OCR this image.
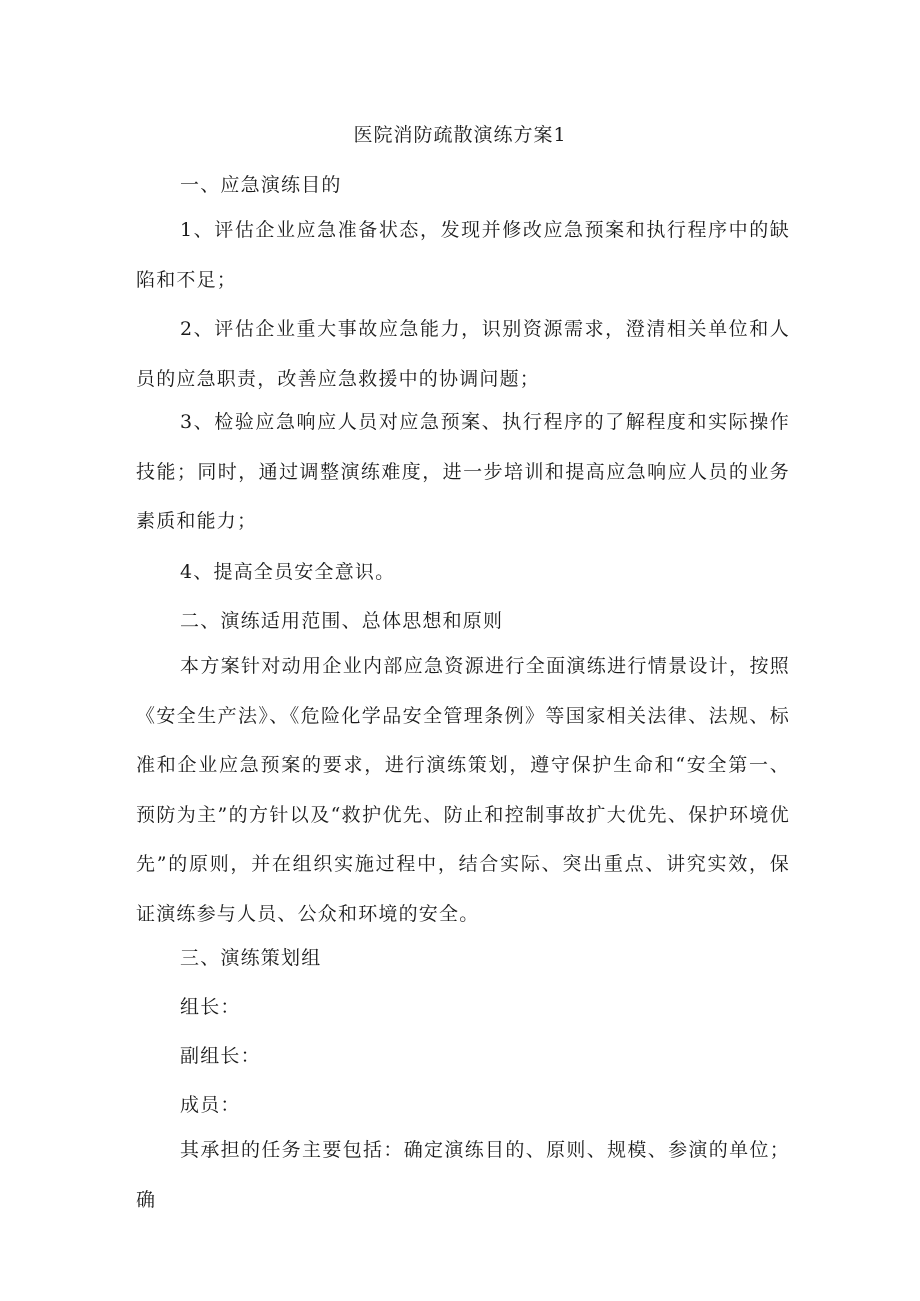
医院消防疏散演练方案1
一、应急演练目的

1、评估企业应急准备状态，发现并修改应急预案和执行程序中的缺陷和不足；

2、评估企业重大事故应急能力，识别资源需求，澄清相关单位和人员的应急职责，改善应急救援中的协调问题；

3、检验应急响应人员对应急预案、执行程序的了解程度和实际操作技能；同时，通过调整演练难度，进一步培训和提高应急响应人员的业务素质和能力；

4、提高全员安全意识。
二、演练适用范围、总体思想和原则

本方案针对动用企业内部应急资源进行全面演练进行情景设计，按照《安全生产法》、《危险化学品安全管理条例》等国家相关法律、法规、标准和企业应急预案的要求，进行演练策划，遵守保护生命和“安全第一、预防为主”的方针以及“救护优先、防止和控制事故扩大优先、保护环境优先”的原则，并在组织实施过程中，结合实际、突出重点、讲究实效，保证演练参与人员、公众和环境的安全。

三、演练策划组
组长：
副组长：
成员：

其承担的任务主要包括：确定演练目的、原则、规模、参演的单位；确
